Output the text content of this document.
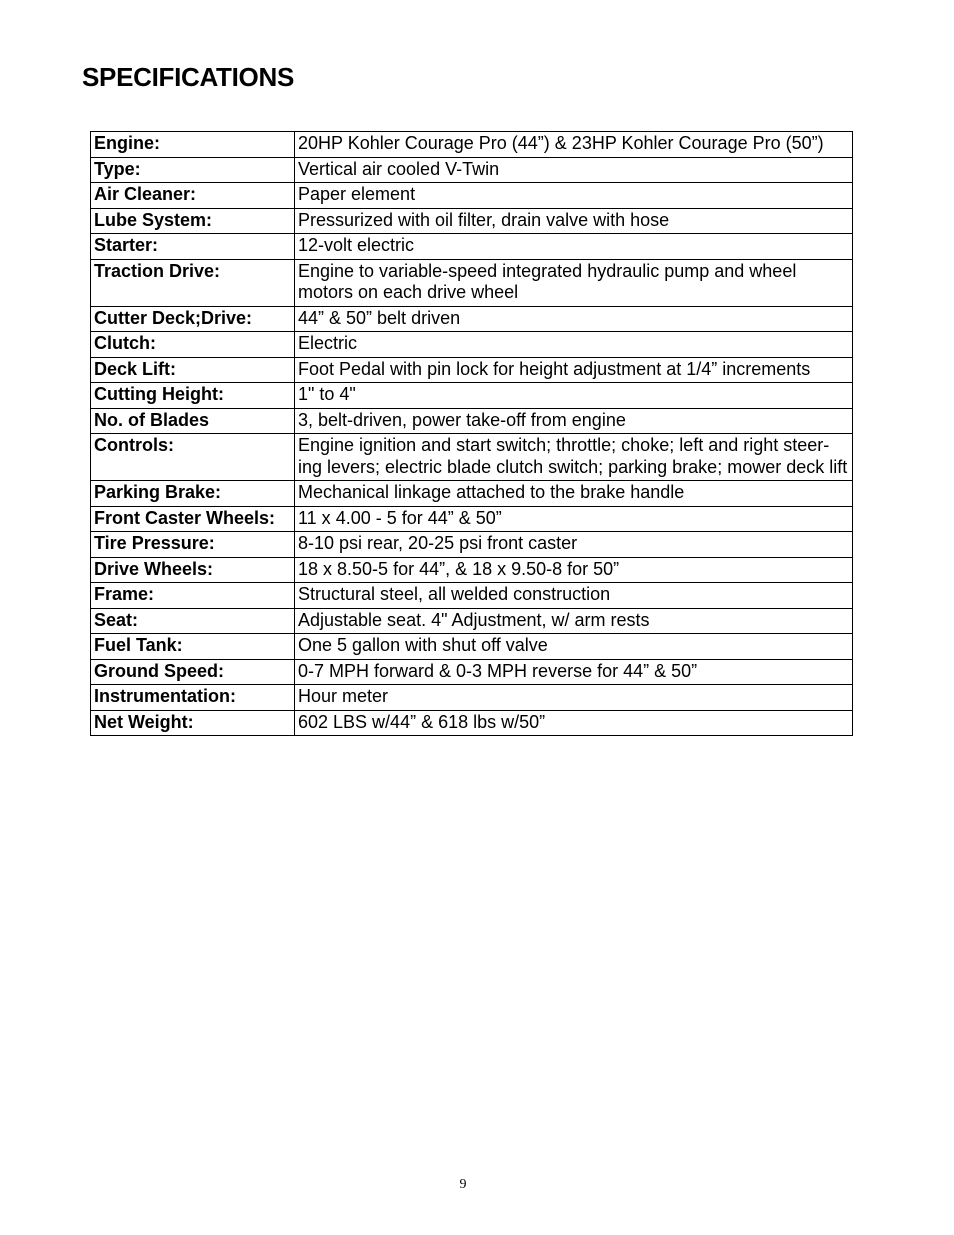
SPECIFICATIONS
Engine:	20HP Kohler Courage Pro (44”) & 23HP Kohler Courage Pro (50”)
Type:	Vertical air cooled V-Twin
Air Cleaner:	Paper element
Lube System:	Pressurized with oil filter, drain valve with hose
Starter:	12-volt electric
Traction Drive:	Engine to variable-speed integrated hydraulic pump and wheel motors on each drive wheel
Cutter Deck;Drive:	44” & 50” belt driven
Clutch:	Electric
Deck Lift:	Foot Pedal with pin lock for height adjustment at 1/4” increments
Cutting Height:	1" to 4"
No. of Blades	3, belt-driven, power take-off from engine
Controls:	Engine ignition and start switch; throttle; choke; left and right steer-ing levers; electric blade clutch switch; parking brake; mower deck lift
Parking Brake:	Mechanical linkage attached to the brake handle
Front Caster Wheels:	11 x 4.00 - 5 for 44” & 50”
Tire Pressure:	8-10 psi rear, 20-25 psi front caster
Drive Wheels:	18 x 8.50-5 for 44”, & 18 x 9.50-8 for 50”
Frame:	Structural steel, all welded construction
Seat:	Adjustable seat. 4" Adjustment, w/ arm rests
Fuel Tank:	One 5 gallon with shut off valve
Ground Speed:	0-7 MPH forward & 0-3 MPH reverse for 44” & 50”
Instrumentation:	Hour meter
Net Weight:	602 LBS w/44” & 618 lbs w/50”
9
